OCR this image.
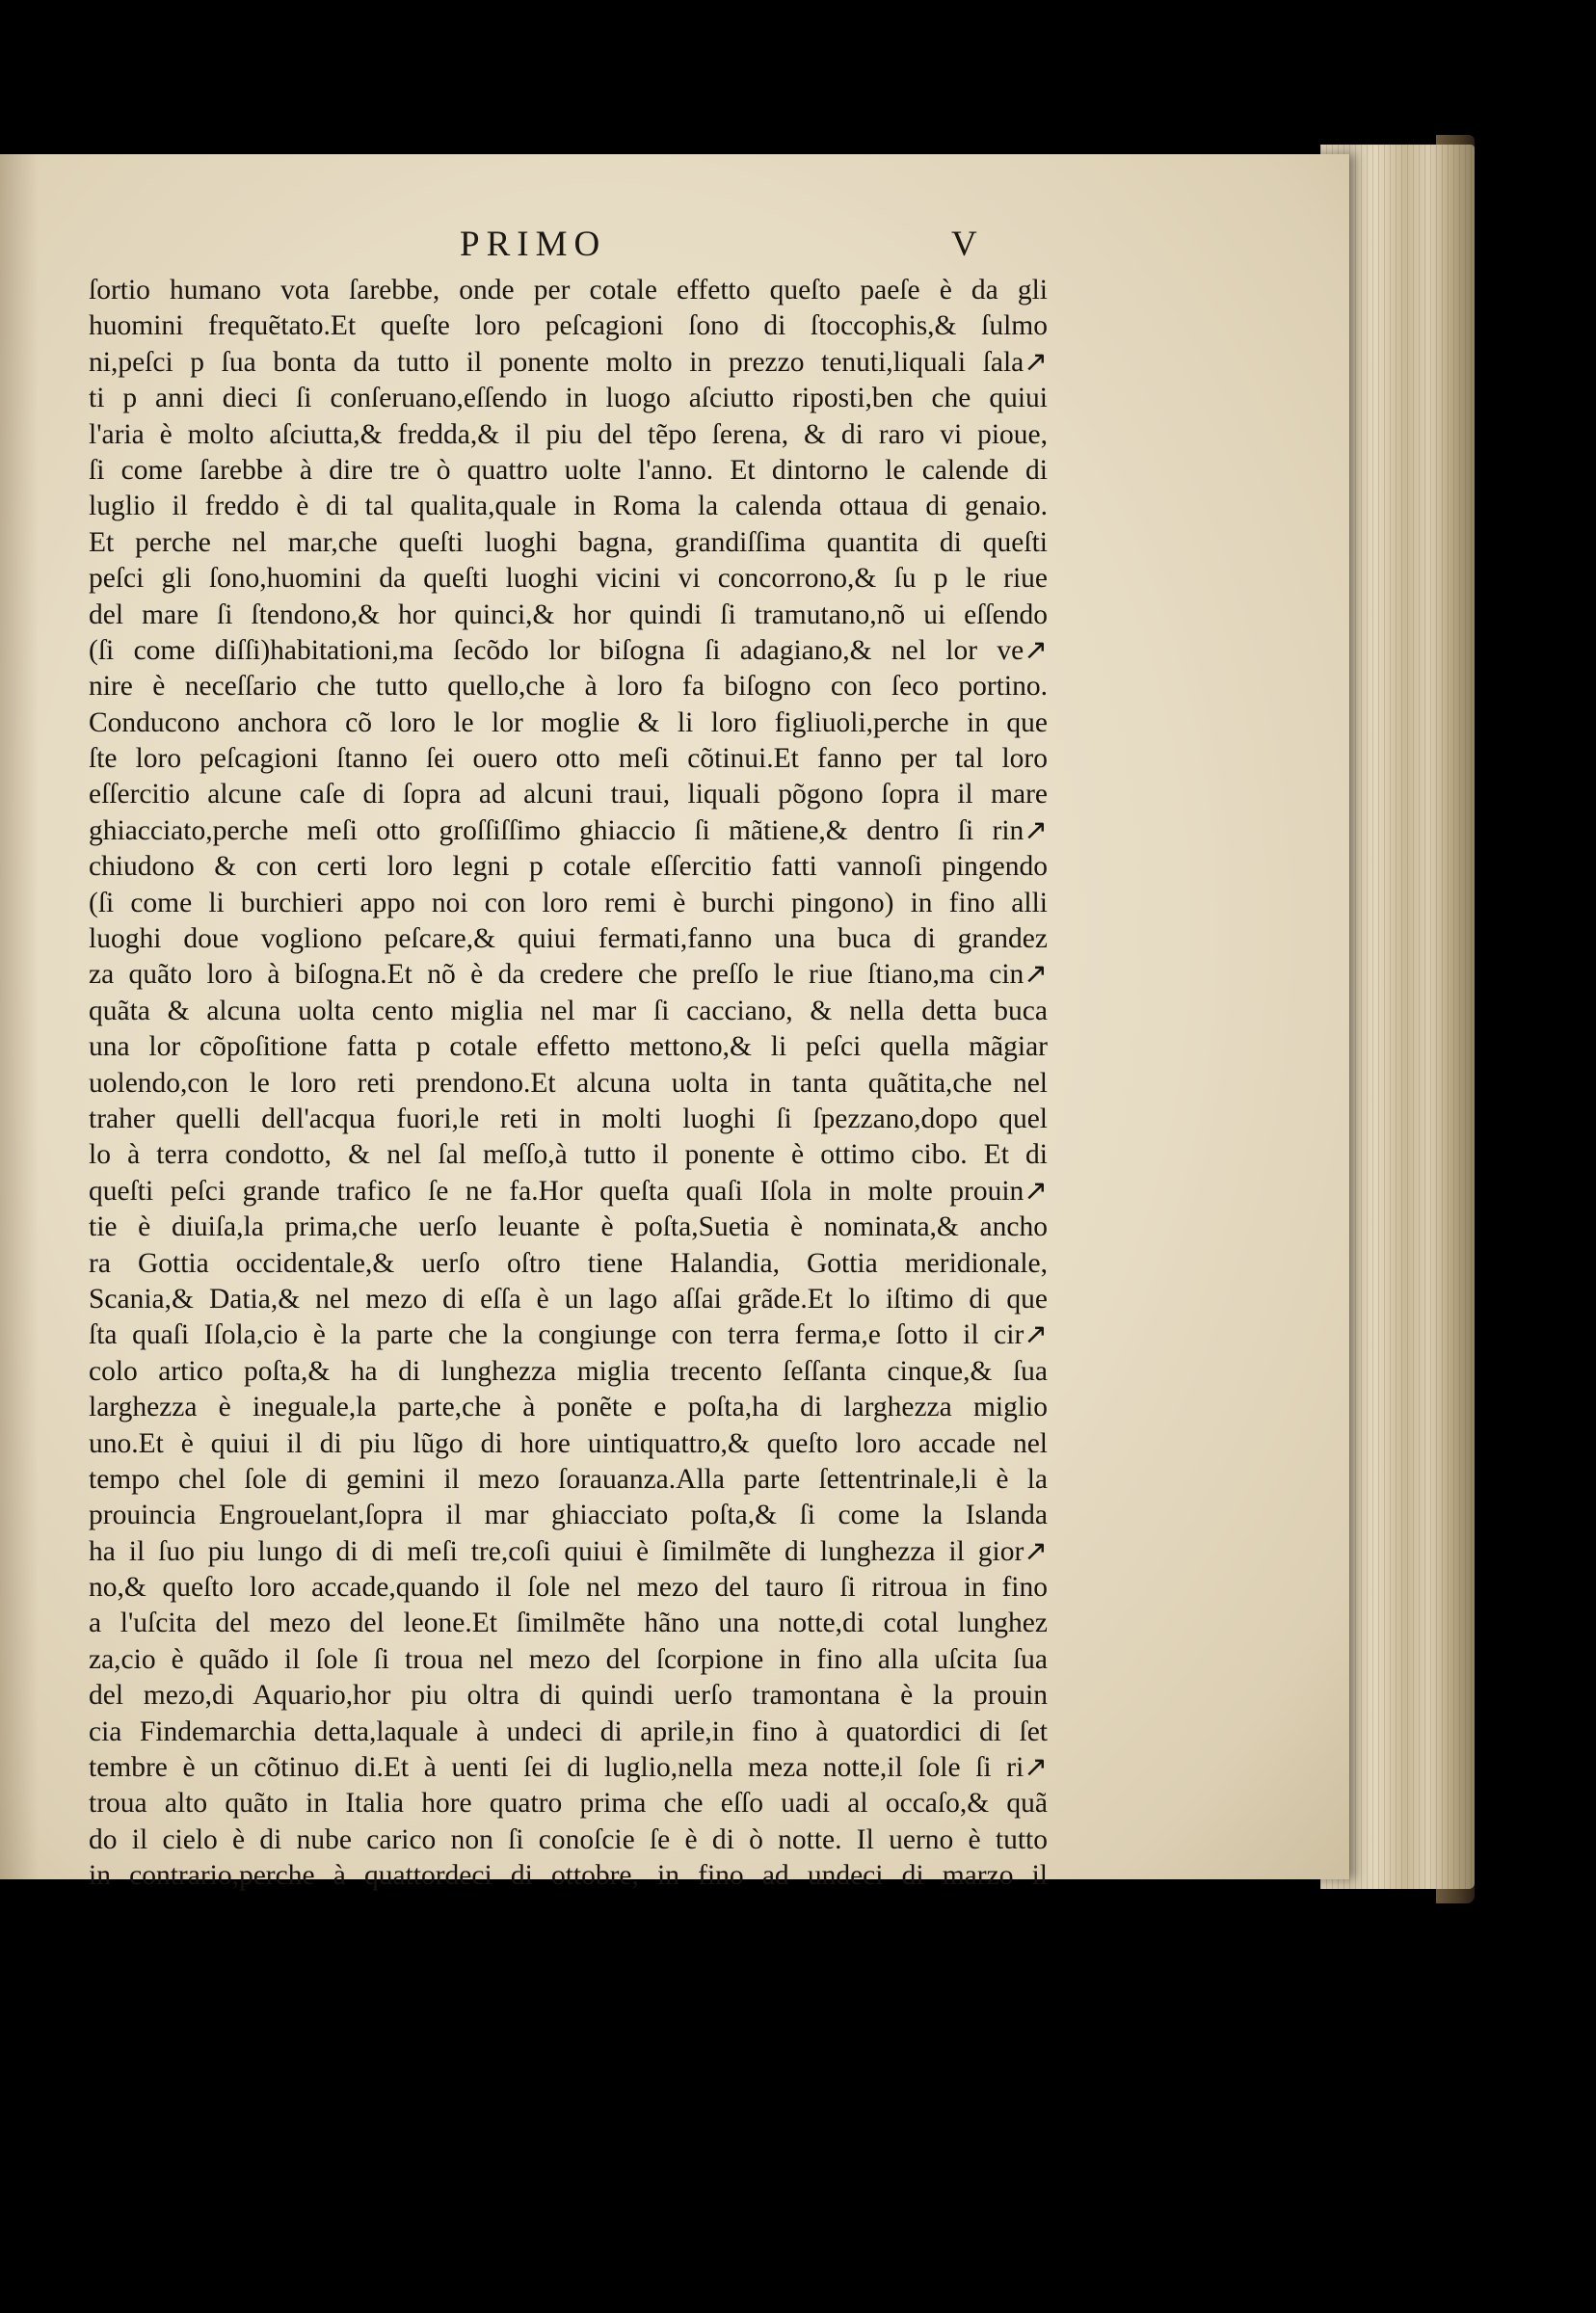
PRIMO	V
ſortio humano vota ſarebbe, onde per cotale effetto queſto paeſe è da gli
huomini frequẽtato.Et queſte loro peſcagioni ſono di ſtoccophis,& ſulmo
ni,peſci p ſua bonta da tutto il ponente molto in prezzo tenuti,liquali ſala↗
ti p anni dieci ſi conſeruano,eſſendo in luogo aſciutto riposti,ben che quiui
l'aria è molto aſciutta,& fredda,& il piu del tẽpo ſerena, & di raro vi pioue,
ſi come ſarebbe à dire tre ò quattro uolte l'anno. Et dintorno le calende di
luglio il freddo è di tal qualita,quale in Roma la calenda ottaua di genaio.
Et perche nel mar,che queſti luoghi bagna, grandiſſima quantita di queſti
peſci gli ſono,huomini da queſti luoghi vicini vi concorrono,& ſu p le riue
del mare ſi ſtendono,& hor quinci,& hor quindi ſi tramutano,nõ ui eſſendo
(ſi come diſſi)habitationi,ma ſecõdo lor biſogna ſi adagiano,& nel lor ve↗
nire è neceſſario che tutto quello,che à loro fa biſogno con ſeco portino.
Conducono anchora cõ loro le lor moglie & li loro figliuoli,perche in que
ſte loro peſcagioni ſtanno ſei ouero otto meſi cõtinui.Et fanno per tal loro
eſſercitio alcune caſe di ſopra ad alcuni traui, liquali põgono ſopra il mare
ghiacciato,perche meſi otto groſſiſſimo ghiaccio ſi mãtiene,& dentro ſi rin↗
chiudono & con certi loro legni p cotale eſſercitio fatti vannoſi pingendo
(ſi come li burchieri appo noi con loro remi è burchi pingono) in fino alli
luoghi doue vogliono peſcare,& quiui fermati,fanno una buca di grandez
za quãto loro à biſogna.Et nõ è da credere che preſſo le riue ſtiano,ma cin↗
quãta & alcuna uolta cento miglia nel mar ſi cacciano, & nella detta buca
una lor cõpoſitione fatta p cotale effetto mettono,& li peſci quella mãgiar
uolendo,con le loro reti prendono.Et alcuna uolta in tanta quãtita,che nel
traher quelli dell'acqua fuori,le reti in molti luoghi ſi ſpezzano,dopo quel
lo à terra condotto, & nel ſal meſſo,à tutto il ponente è ottimo cibo. Et di
queſti peſci grande trafico ſe ne fa.Hor queſta quaſi Iſola in molte prouin↗
tie è diuiſa,la prima,che uerſo leuante è poſta,Suetia è nominata,& ancho
ra Gottia occidentale,& uerſo oſtro tiene Halandia, Gottia meridionale,
Scania,& Datia,& nel mezo di eſſa è un lago aſſai grãde.Et lo iſtimo di que
ſta quaſi Iſola,cio è la parte che la congiunge con terra ferma,e ſotto il cir↗
colo artico poſta,& ha di lunghezza miglia trecento ſeſſanta cinque,& ſua
larghezza è ineguale,la parte,che à ponẽte e poſta,ha di larghezza miglio
uno.Et è quiui il di piu lũgo di hore uintiquattro,& queſto loro accade nel
tempo chel ſole di gemini il mezo ſorauanza.Alla parte ſettentrinale,li è la
prouincia Engrouelant,ſopra il mar ghiacciato poſta,& ſi come la Islanda
ha il ſuo piu lungo di di meſi tre,coſi quiui è ſimilmẽte di lunghezza il gior↗
no,& queſto loro accade,quando il ſole nel mezo del tauro ſi ritroua in fino
a l'uſcita del mezo del leone.Et ſimilmẽte hãno una notte,di cotal lunghez
za,cio è quãdo il ſole ſi troua nel mezo del ſcorpione in fino alla uſcita ſua
del mezo,di Aquario,hor piu oltra di quindi uerſo tramontana è la prouin
cia Findemarchia detta,laquale à undeci di aprile,in fino à quatordici di ſet
tembre è un cõtinuo di.Et à uenti ſei di luglio,nella meza notte,il ſole ſi ri↗
troua alto quãto in Italia hore quatro prima che eſſo uadi al occaſo,& quã
do il cielo è di nube carico non ſi conoſcie ſe è di ò notte. Il uerno è tutto
in contrario,perche à quattordeci di ottobre, in fino ad undeci di marzo il
